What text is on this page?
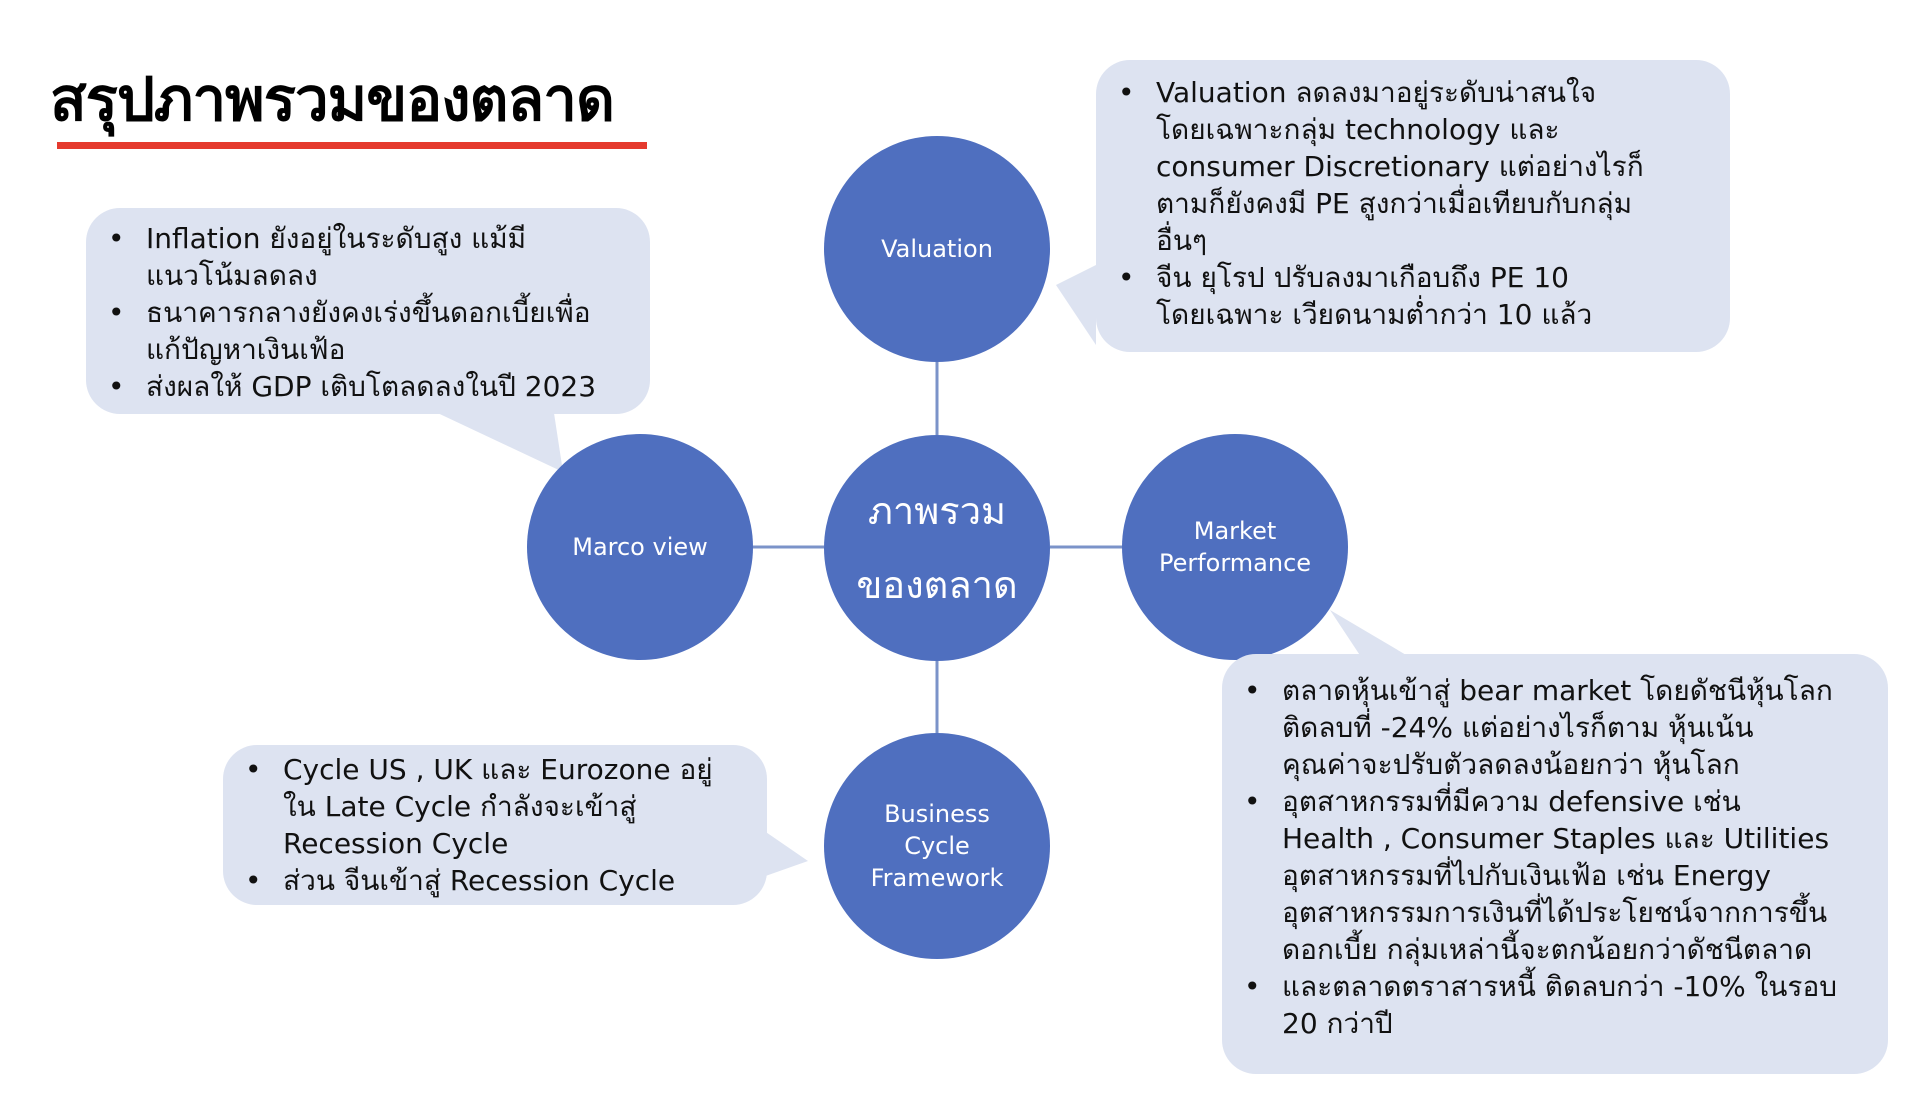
สรุปภาพรวมของตลาด
ภาพรวม
ของตลาด
Valuation
Marco view
Market
Performance
Business
Cycle
Framework
• Inflation ยังอยู่ในระดับสูง แม้มี
แนวโน้มลดลง
• ธนาคารกลางยังคงเร่งขึ้นดอกเบี้ยเพื่อ
แก้ปัญหาเงินเฟ้อ
• ส่งผลให้ GDP เติบโตลดลงในปี 2023
• Valuation ลดลงมาอยู่ระดับน่าสนใจ
โดยเฉพาะกลุ่ม technology และ
consumer Discretionary แต่อย่างไรก็
ตามก็ยังคงมี PE สูงกว่าเมื่อเทียบกับกลุ่ม
อื่นๆ
• จีน ยุโรป ปรับลงมาเกือบถึง PE 10
โดยเฉพาะ เวียดนามต่ำกว่า 10 แล้ว
• Cycle US , UK และ Eurozone อยู่
ใน Late Cycle กำลังจะเข้าสู่
Recession Cycle
• ส่วน จีนเข้าสู่ Recession Cycle
• ตลาดหุ้นเข้าสู่ bear market โดยดัชนีหุ้นโลก
ติดลบที่ -24% แต่อย่างไรก็ตาม หุ้นเน้น
คุณค่าจะปรับตัวลดลงน้อยกว่า หุ้นโลก
• อุตสาหกรรมที่มีความ defensive เช่น
Health , Consumer Staples และ Utilities
อุตสาหกรรมที่ไปกับเงินเฟ้อ เช่น Energy
อุตสาหกรรมการเงินที่ได้ประโยชน์จากการขึ้น
ดอกเบี้ย กลุ่มเหล่านี้จะตกน้อยกว่าดัชนีตลาด
• และตลาดตราสารหนี้ ติดลบกว่า -10% ในรอบ
20 กว่าปี
